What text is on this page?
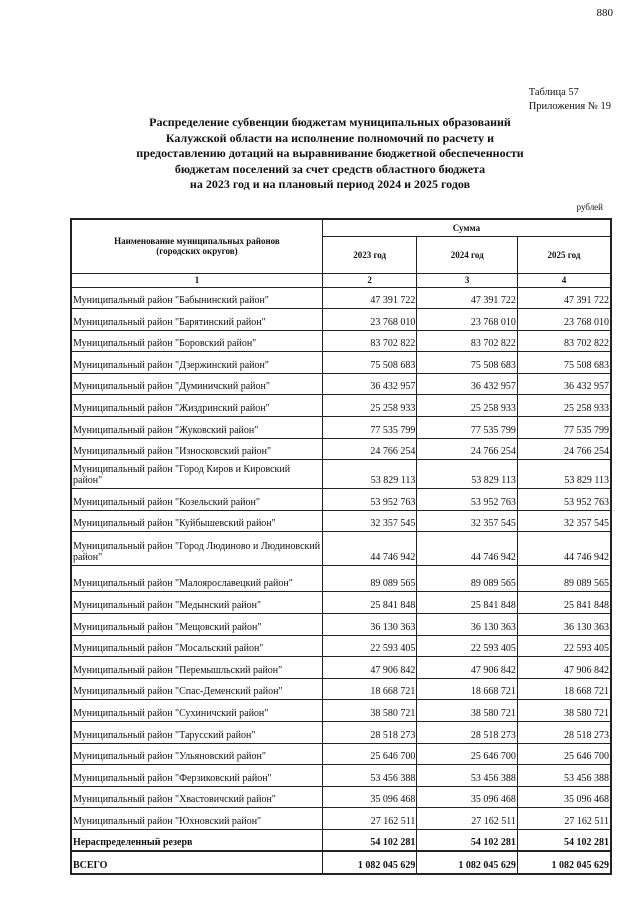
880
Таблица 57
Приложения № 19
Распределение субвенции бюджетам муниципальных образований
Калужской области на исполнение полномочий по расчету и
предоставлению дотаций на выравнивание бюджетной обеспеченности
бюджетам поселений за счет средств областного бюджета
на 2023 год и на плановый период 2024 и 2025 годов
рублей
Наименование муниципальных районов (городских округов)	Сумма		
	2023 год	2024 год	2025 год
1	2	3	4
Муниципальный район "Бабынинский район"	47 391 722	47 391 722	47 391 722
Муниципальный район "Барятинский район"	23 768 010	23 768 010	23 768 010
Муниципальный район "Боровский район"	83 702 822	83 702 822	83 702 822
Муниципальный район "Дзержинский район"	75 508 683	75 508 683	75 508 683
Муниципальный район "Думиничский район"	36 432 957	36 432 957	36 432 957
Муниципальный район "Жиздринский район"	25 258 933	25 258 933	25 258 933
Муниципальный район "Жуковский район"	77 535 799	77 535 799	77 535 799
Муниципальный район "Износковский район"	24 766 254	24 766 254	24 766 254
Муниципальный район "Город Киров и Кировский район"	53 829 113	53 829 113	53 829 113
Муниципальный район "Козельский район"	53 952 763	53 952 763	53 952 763
Муниципальный район "Куйбышевский район"	32 357 545	32 357 545	32 357 545
Муниципальный район "Город Людиново и Людиновский район"	44 746 942	44 746 942	44 746 942
Муниципальный район "Малоярославецкий район"	89 089 565	89 089 565	89 089 565
Муниципальный район "Медынский район"	25 841 848	25 841 848	25 841 848
Муниципальный район "Мещовский район"	36 130 363	36 130 363	36 130 363
Муниципальный район "Мосальский район"	22 593 405	22 593 405	22 593 405
Муниципальный район "Перемышльский район"	47 906 842	47 906 842	47 906 842
Муниципальный район "Спас-Деменский район"	18 668 721	18 668 721	18 668 721
Муниципальный район "Сухиничский район"	38 580 721	38 580 721	38 580 721
Муниципальный район "Тарусский район"	28 518 273	28 518 273	28 518 273
Муниципальный район "Ульяновский район"	25 646 700	25 646 700	25 646 700
Муниципальный район "Ферзиковский район"	53 456 388	53 456 388	53 456 388
Муниципальный район "Хвастовичский район"	35 096 468	35 096 468	35 096 468
Муниципальный район "Юхновский район"	27 162 511	27 162 511	27 162 511
Нераспределенный резерв	54 102 281	54 102 281	54 102 281
ВСЕГО	1 082 045 629	1 082 045 629	1 082 045 629
